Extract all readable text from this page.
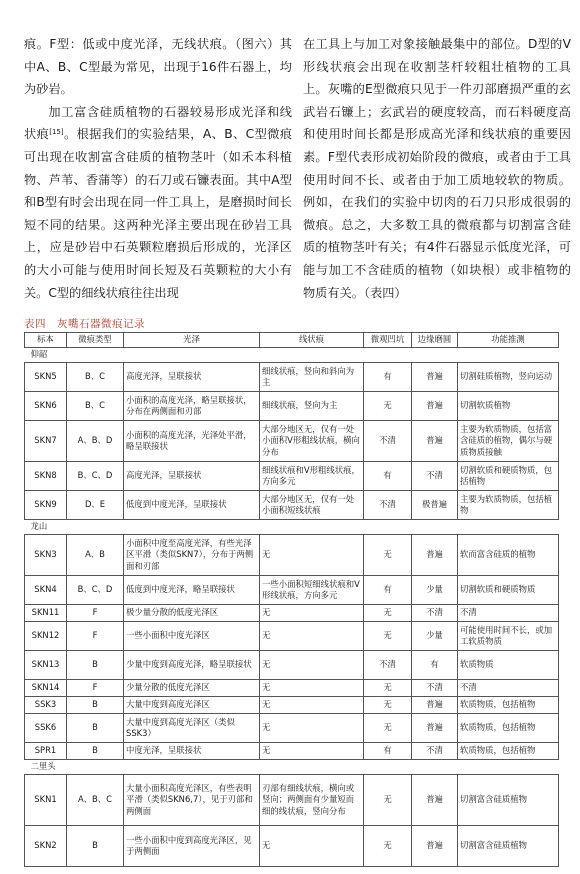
痕。F型：低或中度光泽，无线状痕。（图六）其中A、B、C型最为常见，出现于16件石器上，均为砂岩。

加工富含硅质植物的石器较易形成光泽和线状痕[15]。根据我们的实验结果，A、B、C型微痕可出现在收割富含硅质的植物茎叶（如禾本科植物、芦苇、香蒲等）的石刀或石镰表面。其中A型和B型有时会出现在同一件工具上，是磨损时间长短不同的结果。这两种光泽主要出现在砂岩工具上，应是砂岩中石英颗粒磨损后形成的，光泽区的大小可能与使用时间长短及石英颗粒的大小有关。C型的细线状痕往往出现

在工具上与加工对象接触最集中的部位。D型的V形线状痕会出现在收割茎杆较粗壮植物的工具上。灰嘴的E型微痕只见于一件刃部磨损严重的玄武岩石镰上；玄武岩的硬度较高，而石料硬度高和使用时间长都是形成高光泽和线状痕的重要因素。F型代表形成初始阶段的微痕，或者由于工具使用时间不长、或者由于加工质地较软的物质。例如，在我们的实验中切肉的石刀只形成很弱的微痕。总之，大多数工具的微痕都与切割富含硅质的植物茎叶有关；有4件石器显示低度光泽，可能与加工不含硅质的植物（如块根）或非植物的物质有关。（表四）

表四　灰嘴石器微痕记录
标本	微痕类型	光泽	线状痕	微观凹坑	边缘磨圆	功能推测
仰韶						
SKN5	B、C	高度光泽，呈联接状	细线状痕，竖向和斜向为主	有	普遍	切割硅质植物，竖向运动
SKN6	B、C	小面积的高度光泽，略呈联接状，分布在两侧面和刃部	细线状痕，竖向为主	无	普遍	切割软质植物
SKN7	A、B、D	小面积的高度光泽，光泽处平滑，略呈联接状	大部分地区无，仅有一处小面积V形粗线状痕，横向分布	不清	普遍	主要为软质物质，包括富含硅质的植物，偶尔与硬质物质接触
SKN8	B、C、D	高度光泽，呈联接状	细线状痕和V形粗线状痕，方向多元	有	不清	切割软质和硬质物质，包括植物
SKN9	D、E	低度到中度光泽，呈联接状	大部分地区无，仅有一处小面积短线状痕	不清	极普遍	主要为软质物质，包括植物
龙山						
SKN3	A、B	小面积中度至高度光泽，有些光泽区平滑（类似SKN7），分布于两侧面和刃部	无	无	普遍	软而富含硅质的植物
SKN4	B、C、D	低度到中度光泽，略呈联接状	一些小面积短细线状痕和V形线状痕，方向多元	有	少量	切割软质和硬质物质
SKN11	F	极少量分散的低度光泽区	无	无	不清	不清
SKN12	F	一些小面积中度光泽区	无	无	少量	可能使用时间不长，或加工软质物质
SKN13	B	少量中度到高度光泽，略呈联接状	无	不清	有	软质物质
SKN14	F	少量分散的低度光泽区	无	无	不清	不清
SSK3	B	大量中度到高度光泽区	无	无	普遍	软质物质，包括植物
SSK6	B	大量中度到高度光泽区（类似SSK3）	无	无	普遍	软质物质，包括植物
SPR1	B	中度光泽，呈联接状	无	有	不清	软质物质，包括植物
二里头						
SKN1	A、B、C	大量小面积高度光泽区，有些表明平滑（类似SKN6,7），见于刃部和两侧面	刃部有细线状痕，横向或竖向；两侧面有少量短而细的线状痕，竖向分布	无	普遍	切割富含硅质植物
SKN2	B	一些小面积中度到高度光泽区，见于两侧面	无	无	普遍	切割富含硅质植物
